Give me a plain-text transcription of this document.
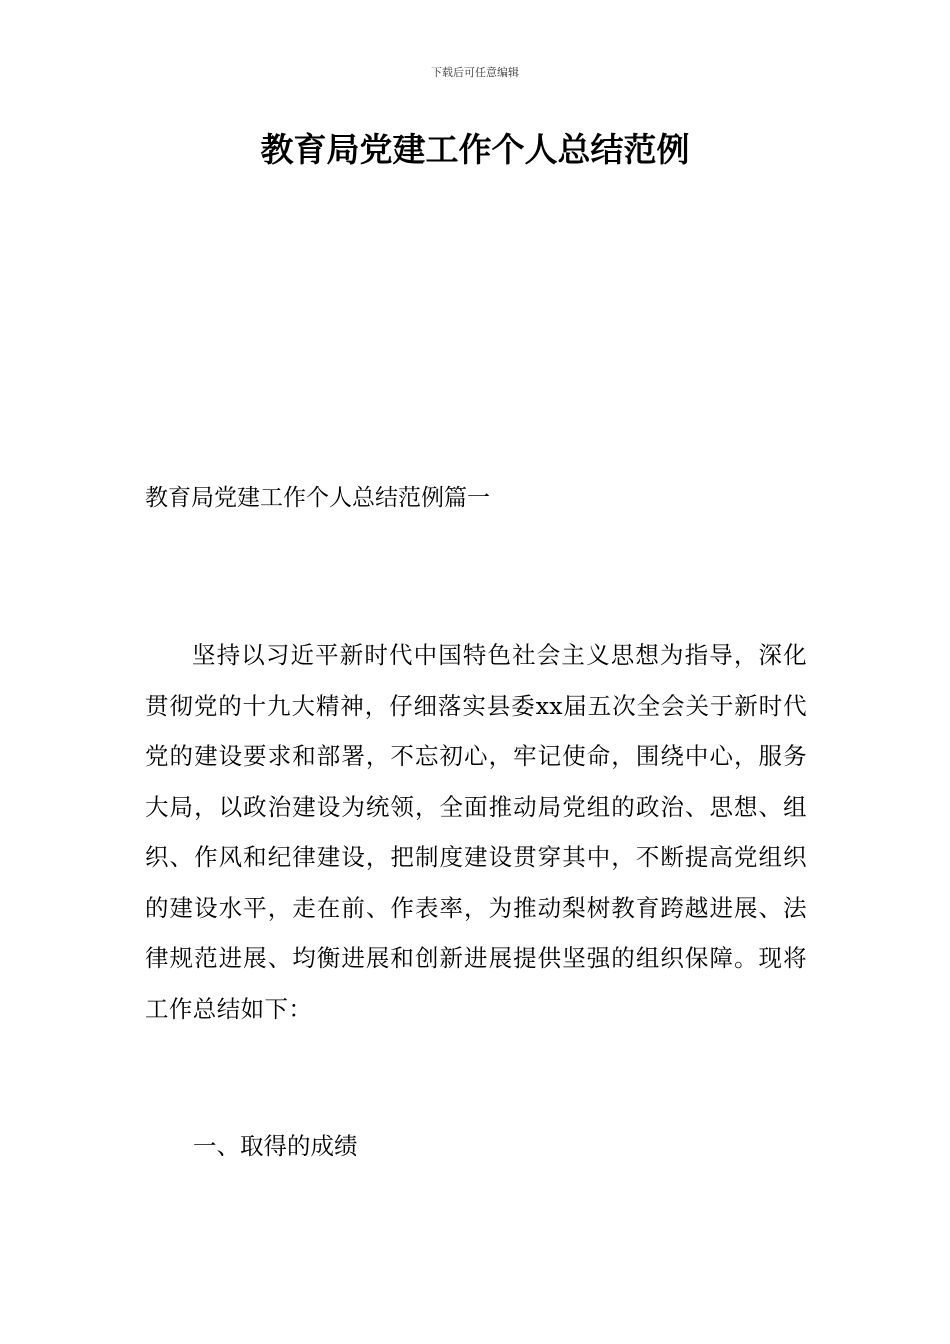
下载后可任意编辑
教育局党建工作个人总结范例
教育局党建工作个人总结范例篇一

坚持以习近平新时代中国特色社会主义思想为指导，深化贯彻党的十九大精神，仔细落实县委xx届五次全会关于新时代党的建设要求和部署，不忘初心，牢记使命，围绕中心，服务大局，以政治建设为统领，全面推动局党组的政治、思想、组织、作风和纪律建设，把制度建设贯穿其中，不断提高党组织的建设水平，走在前、作表率，为推动梨树教育跨越进展、法律规范进展、均衡进展和创新进展提供坚强的组织保障。现将工作总结如下：

一、取得的成绩
